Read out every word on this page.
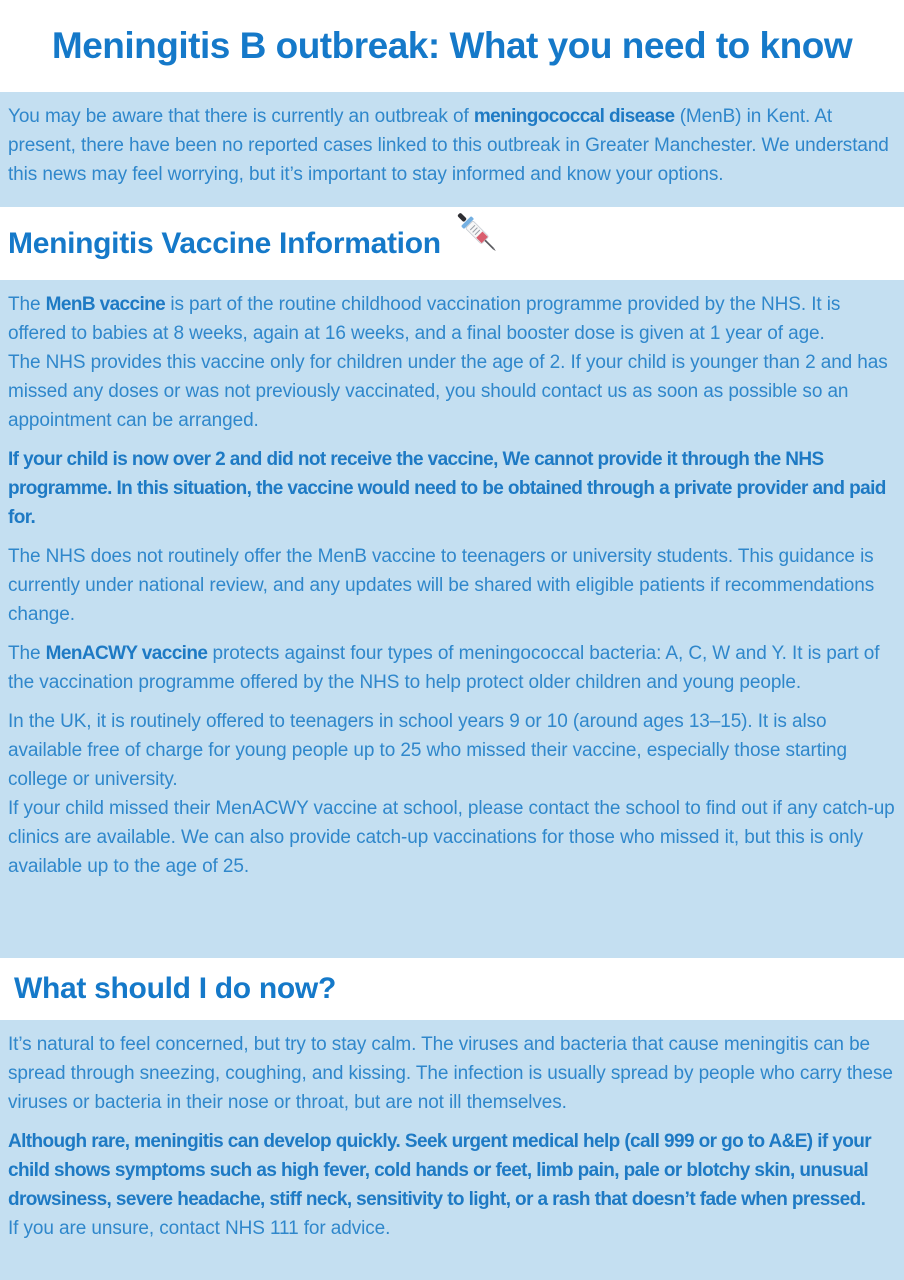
Meningitis B outbreak: What you need to know

You may be aware that there is currently an outbreak of meningococcal disease (MenB) in Kent. At present, there have been no reported cases linked to this outbreak in Greater Manchester. We understand this news may feel worrying, but it’s important to stay informed and know your options.

Meningitis Vaccine Information

The MenB vaccine is part of the routine childhood vaccination programme provided by the NHS. It is offered to babies at 8 weeks, again at 16 weeks, and a final booster dose is given at 1 year of age.

The NHS provides this vaccine only for children under the age of 2. If your child is younger than 2 and has missed any doses or was not previously vaccinated, you should contact us as soon as possible so an appointment can be arranged.

If your child is now over 2 and did not receive the vaccine, We cannot provide it through the NHS programme. In this situation, the vaccine would need to be obtained through a private provider and paid for.

The NHS does not routinely offer the MenB vaccine to teenagers or university students. This guidance is currently under national review, and any updates will be shared with eligible patients if recommendations change.

The MenACWY vaccine protects against four types of meningococcal bacteria: A, C, W and Y. It is part of the vaccination programme offered by the NHS to help protect older children and young people.

In the UK, it is routinely offered to teenagers in school years 9 or 10 (around ages 13–15). It is also available free of charge for young people up to 25 who missed their vaccine, especially those starting college or university.

If your child missed their MenACWY vaccine at school, please contact the school to find out if any catch-up clinics are available. We can also provide catch-up vaccinations for those who missed it, but this is only available up to the age of 25.

What should I do now?

It’s natural to feel concerned, but try to stay calm. The viruses and bacteria that cause meningitis can be spread through sneezing, coughing, and kissing. The infection is usually spread by people who carry these viruses or bacteria in their nose or throat, but are not ill themselves.

Although rare, meningitis can develop quickly. Seek urgent medical help (call 999 or go to A&E) if your child shows symptoms such as high fever, cold hands or feet, limb pain, pale or blotchy skin, unusual drowsiness, severe headache, stiff neck, sensitivity to light, or a rash that doesn’t fade when pressed.

If you are unsure, contact NHS 111 for advice.
